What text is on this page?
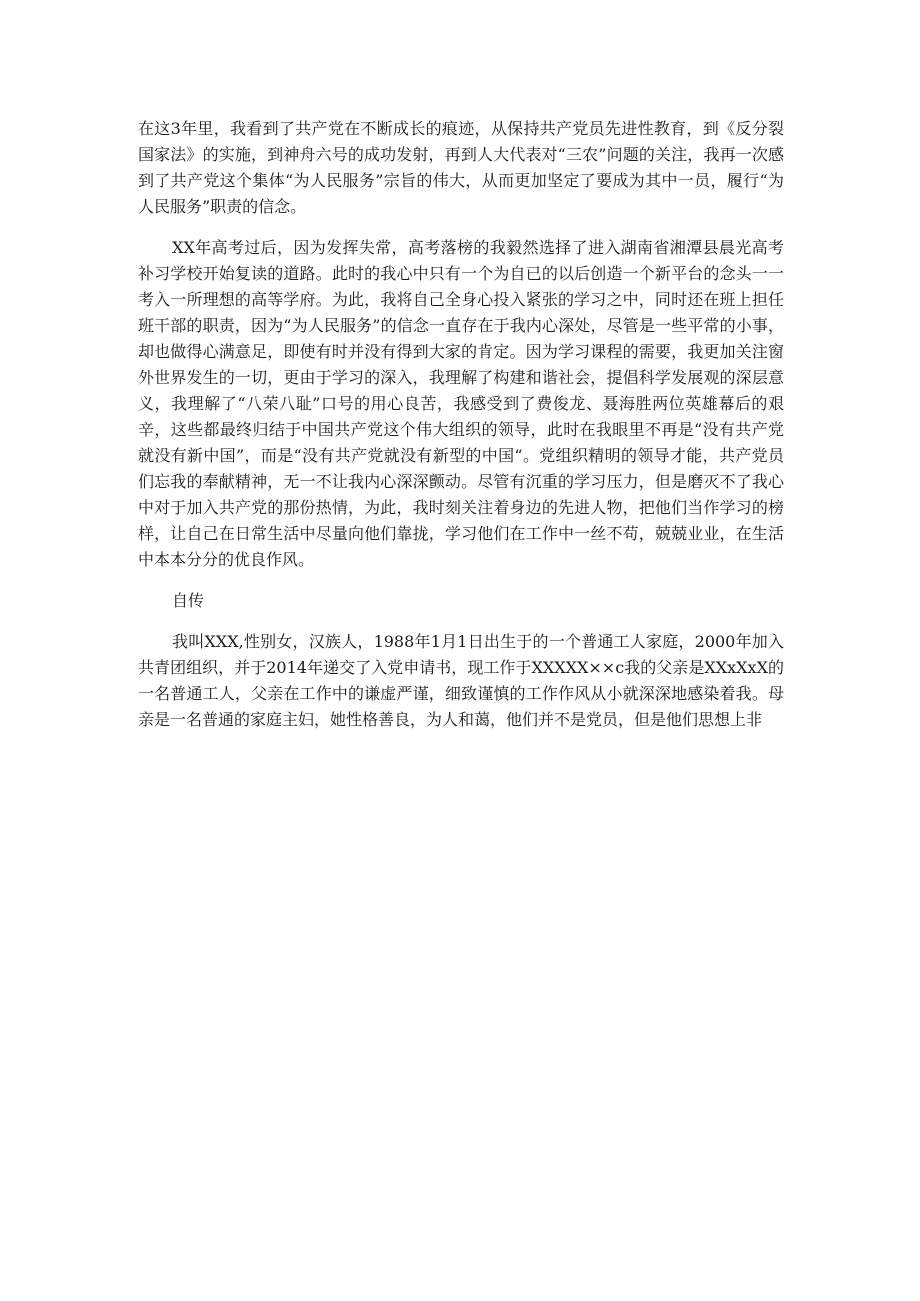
在这3年里，我看到了共产党在不断成长的痕迹，从保持共产党员先进性教育，到《反分裂国家法》的实施，到神舟六号的成功发射，再到人大代表对“三农”问题的关注，我再一次感到了共产党这个集体“为人民服务”宗旨的伟大，从而更加坚定了要成为其中一员，履行“为人民服务”职责的信念。

XX年高考过后，因为发挥失常，高考落榜的我毅然选择了进入湖南省湘潭县晨光高考补习学校开始复读的道路。此时的我心中只有一个为自已的以后创造一个新平台的念头一一考入一所理想的高等学府。为此，我将自己全身心投入紧张的学习之中，同时还在班上担任班干部的职责，因为“为人民服务”的信念一直存在于我内心深处，尽管是一些平常的小事，却也做得心满意足，即使有时并没有得到大家的肯定。因为学习课程的需要，我更加关注窗外世界发生的一切，更由于学习的深入，我理解了构建和谐社会，提倡科学发展观的深层意义，我理解了“八荣八耻”口号的用心良苦，我感受到了费俊龙、聂海胜两位英雄幕后的艰辛，这些都最终归结于中国共产党这个伟大组织的领导，此时在我眼里不再是“没有共产党就没有新中国”，而是“没有共产党就没有新型的中国“。党组织精明的领导才能，共产党员们忘我的奉献精神，无一不让我内心深深颤动。尽管有沉重的学习压力，但是磨灭不了我心中对于加入共产党的那份热情，为此，我时刻关注着身边的先进人物，把他们当作学习的榜样，让自己在日常生活中尽量向他们靠拢，学习他们在工作中一丝不苟，兢兢业业，在生活中本本分分的优良作风。

自传

我叫XXX,性别女，汉族人，1988年1月1日出生于的一个普通工人家庭，2000年加入共青团组织，并于2014年递交了入党申请书，现工作于XXXXX××c我的父亲是XXxXxX的一名普通工人，父亲在工作中的谦虚严谨，细致谨慎的工作作风从小就深深地感染着我。母亲是一名普通的家庭主妇，她性格善良，为人和蔼，他们并不是党员，但是他们思想上非
